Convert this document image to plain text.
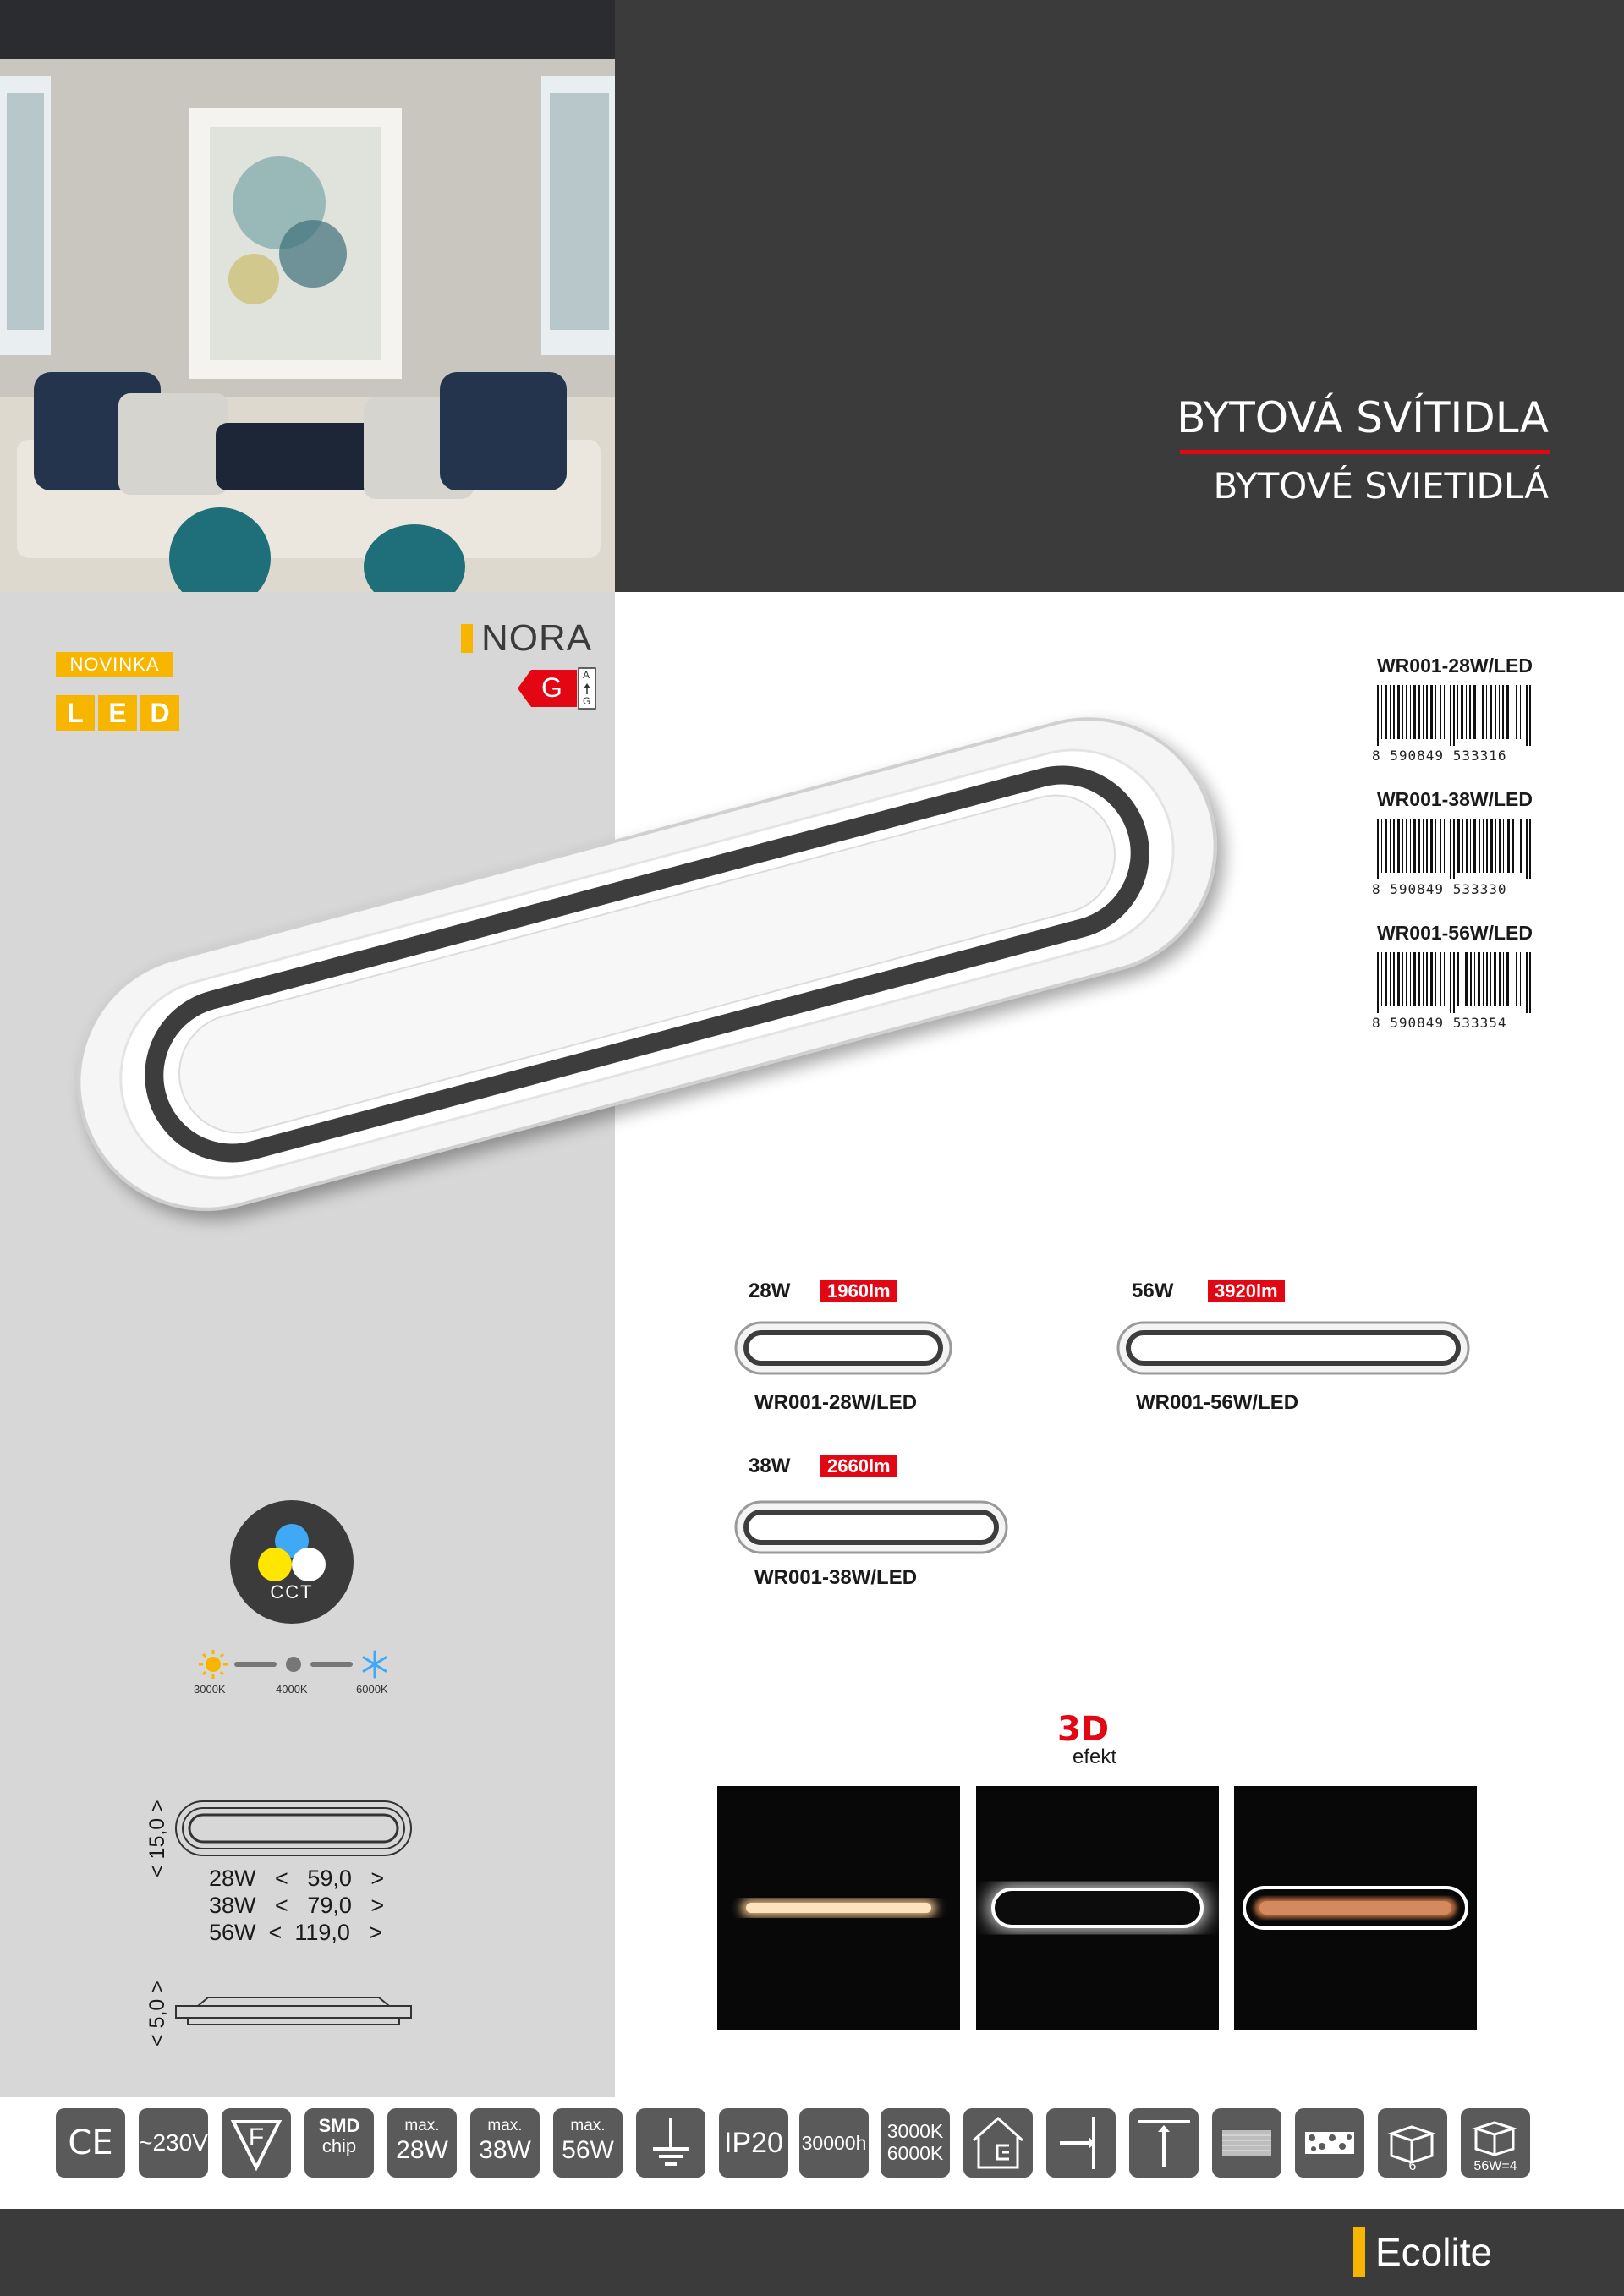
BYTOVÁ SVÍTIDLA
BYTOVÉ SVIETIDLÁ
NOVINKA
L E D
NORA
G A
G
WR001-28W/LED
8 590849 533316
WR001-38W/LED
8 590849 533330
WR001-56W/LED
8 590849 533354
28W	1960lm
WR001-28W/LED
38W	2660lm
WR001-38W/LED
56W	3920lm
WR001-56W/LED
CCT
3000K	4000K	6000K
< 15,0 >
28W   <   59,0   >
38W   <   79,0   >
56W  <  119,0   >
< 5,0 >
3D
efekt
CE	~230V	F	SMD
chip
max.
28W
max.
38W
max.
56W	IP20 30000h
3000K
6000K
6	56W=4
Ecolite
